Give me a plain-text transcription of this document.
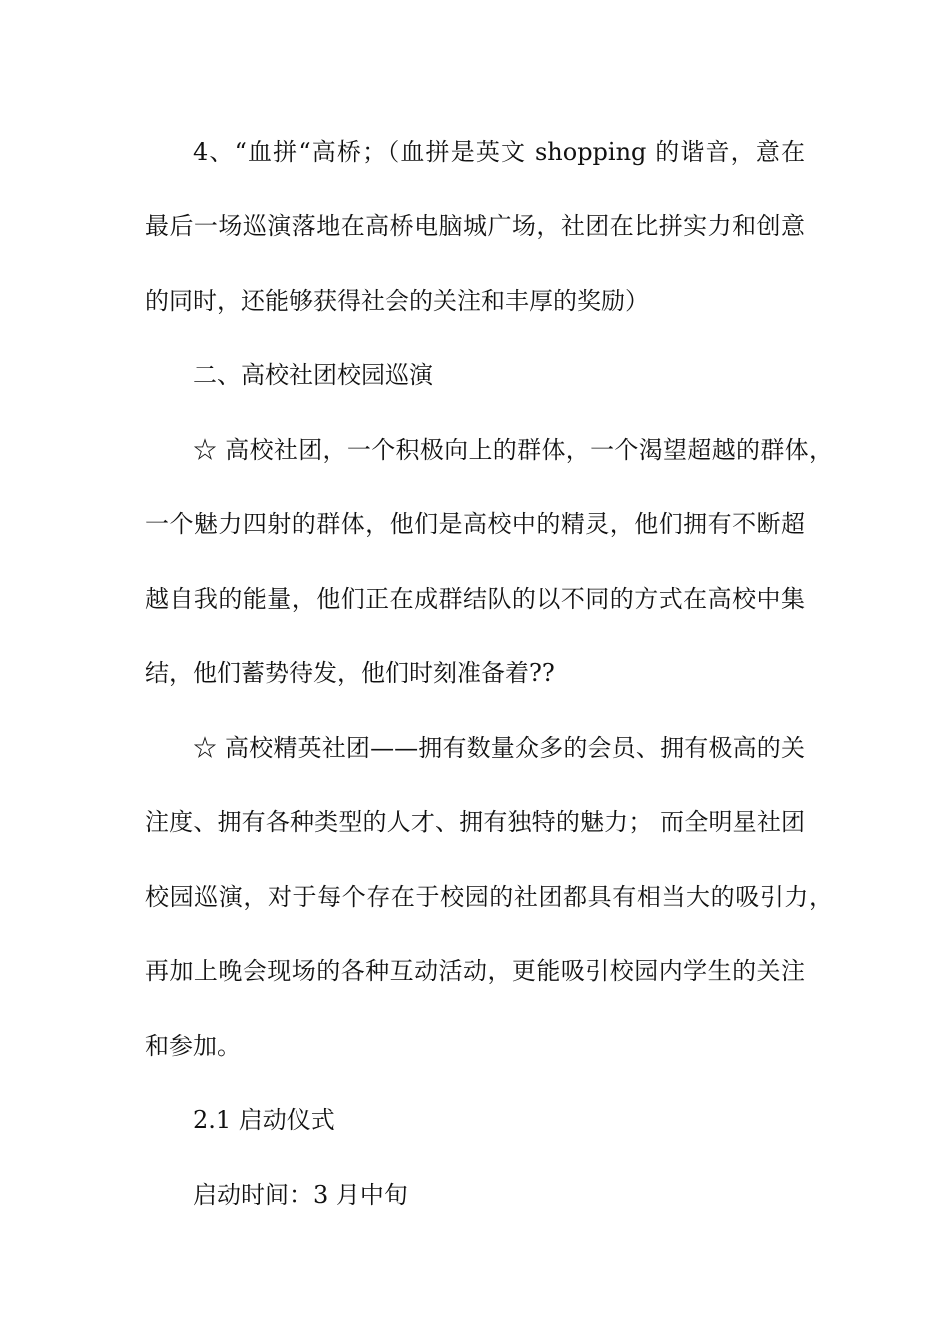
4、“血拼“高桥；（血拼是英文 shopping 的谐音，意在
最后一场巡演落地在高桥电脑城广场，社团在比拼实力和创意
的同时，还能够获得社会的关注和丰厚的奖励）
二、高校社团校园巡演
☆ 高校社团，一个积极向上的群体，一个渴望超越的群体，
一个魅力四射的群体，他们是高校中的精灵，他们拥有不断超
越自我的能量，他们正在成群结队的以不同的方式在高校中集
结，他们蓄势待发，他们时刻准备着??
☆ 高校精英社团——拥有数量众多的会员、拥有极高的关
注度、拥有各种类型的人才、拥有独特的魅力； 而全明星社团
校园巡演，对于每个存在于校园的社团都具有相当大的吸引力，
再加上晚会现场的各种互动活动，更能吸引校园内学生的关注
和参加。
2.1 启动仪式
启动时间：3 月中旬
